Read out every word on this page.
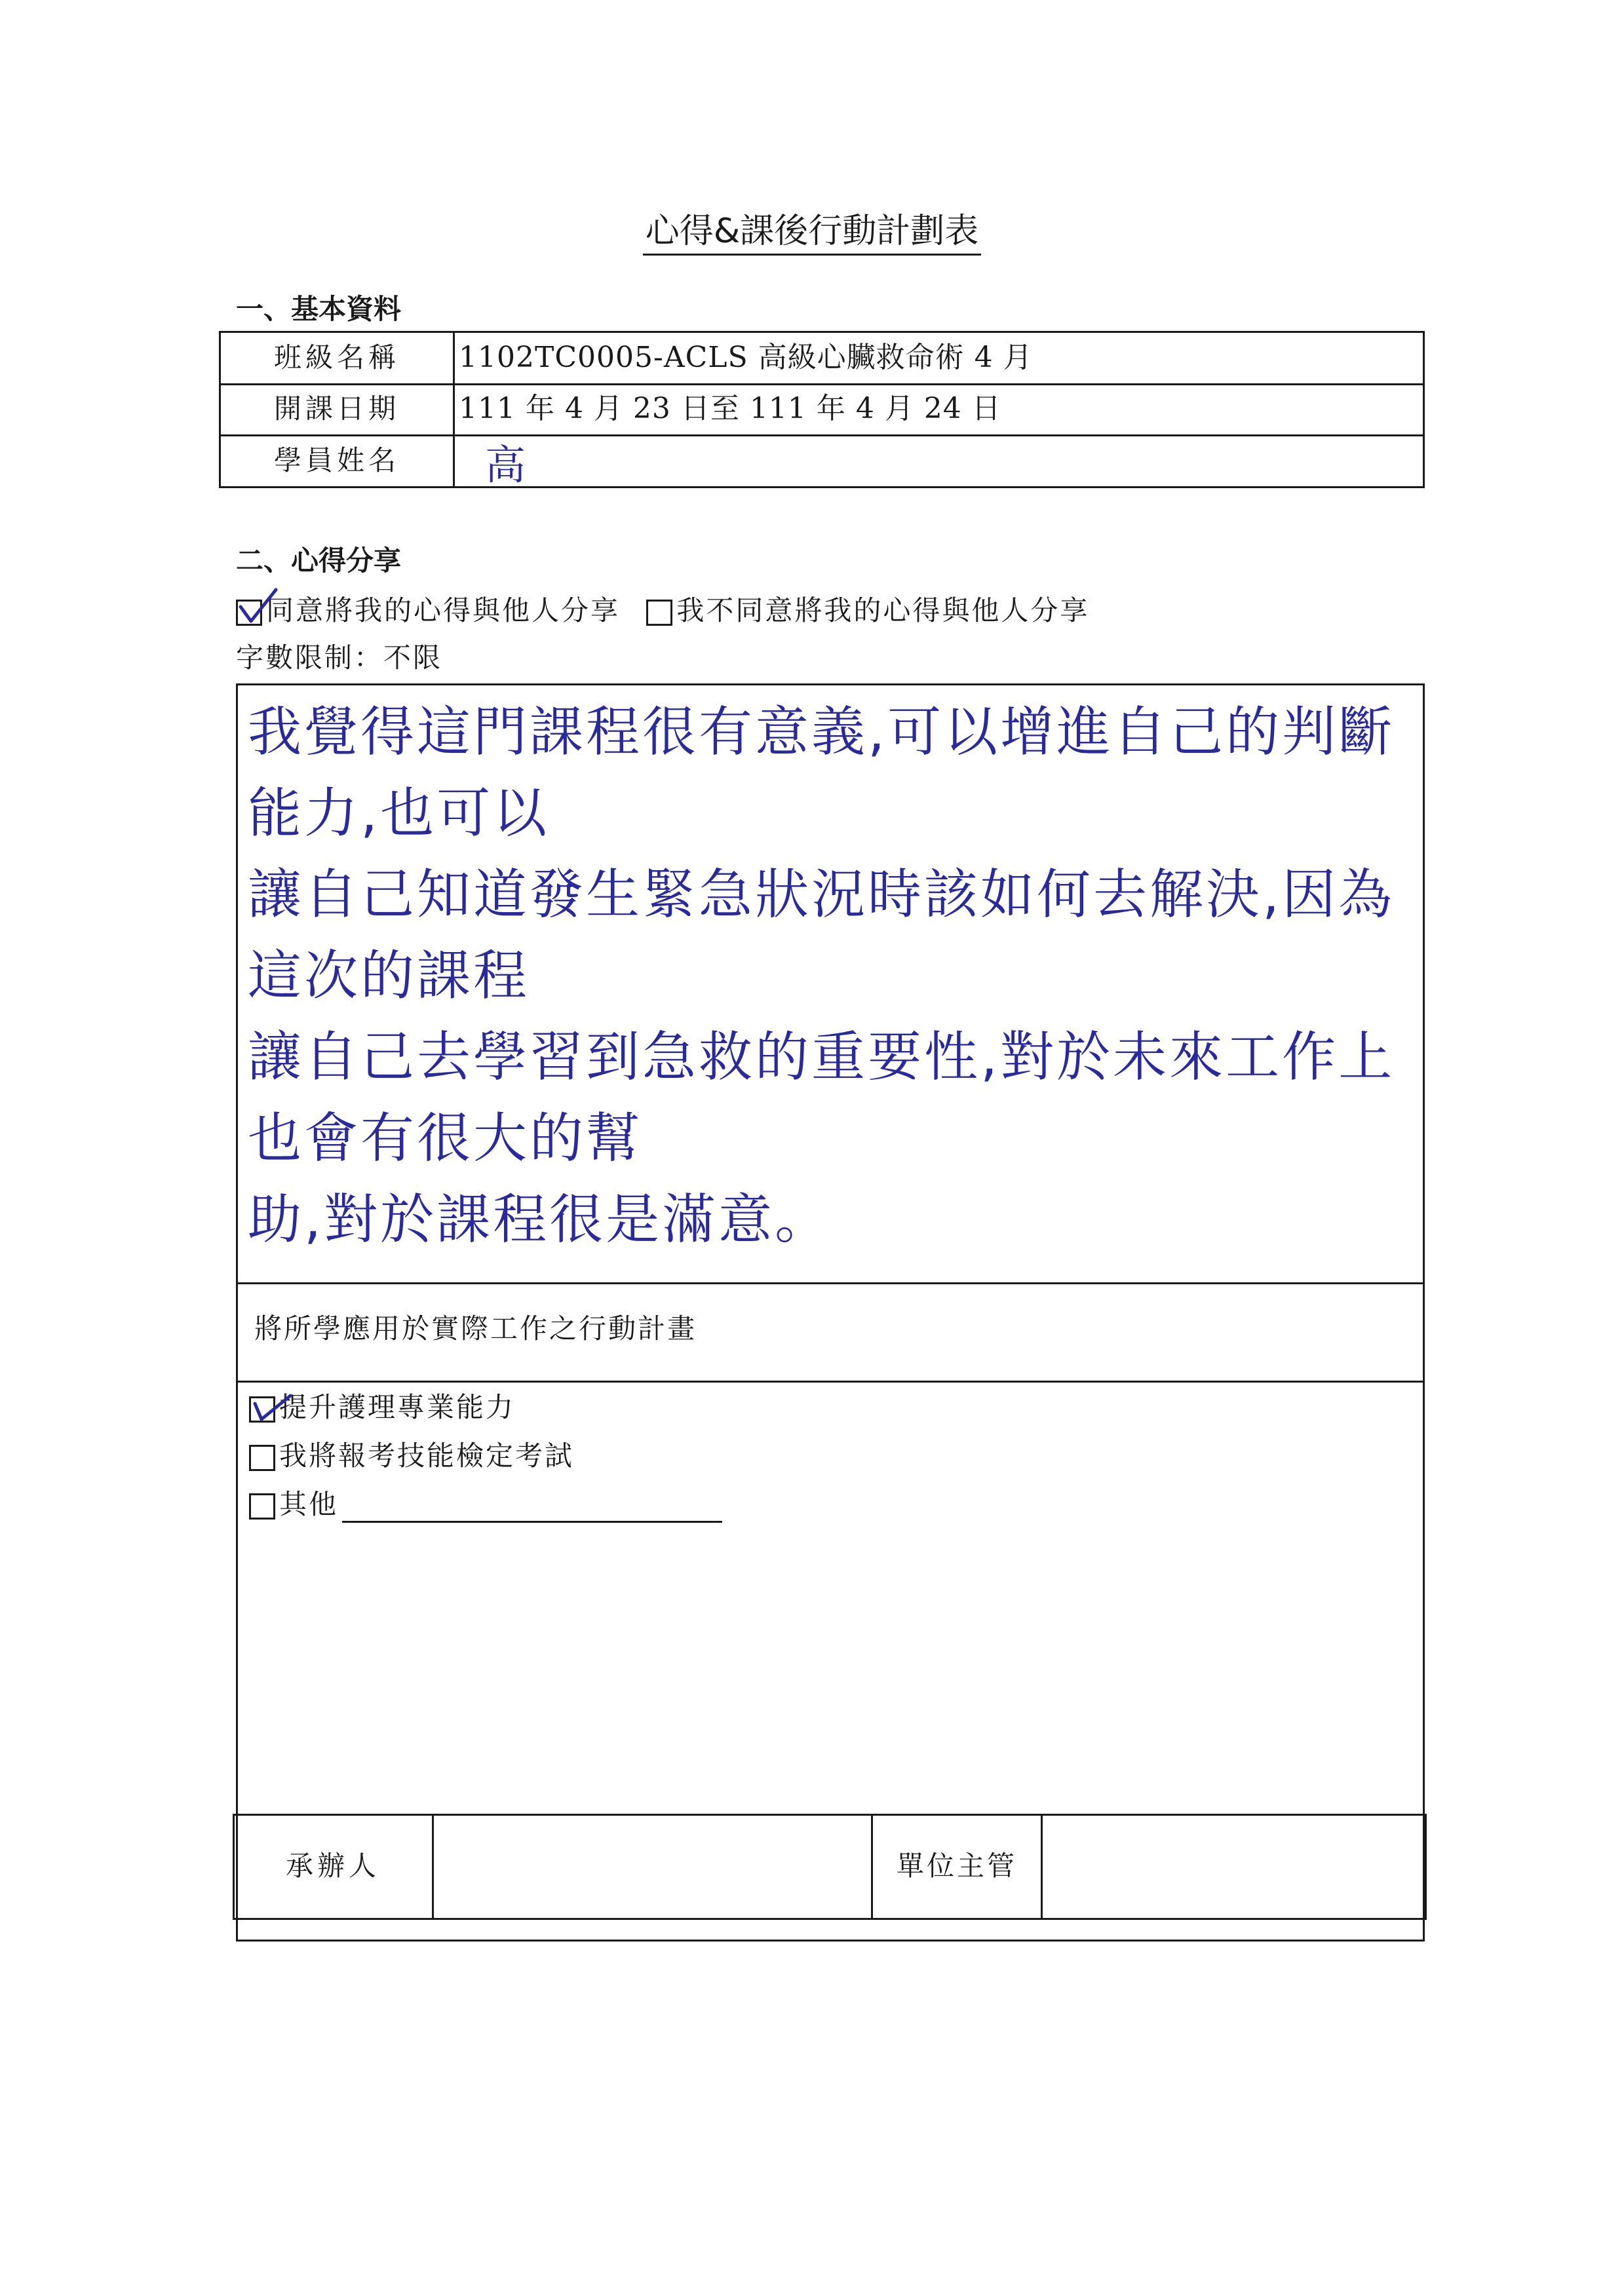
心得&課後行動計劃表
一、基本資料
班級名稱	1102TC0005-ACLS 高級心臟救命術 4 月
開課日期	111 年 4 月 23 日至 111 年 4 月 24 日
學員姓名	高
二、心得分享
同意將我的心得與他人分享 我不同意將我的心得與他人分享
字數限制：不限
我覺得這門課程很有意義,可以增進自己的判斷能力,也可以
讓自己知道發生緊急狀況時該如何去解決,因為這次的課程
讓自己去學習到急救的重要性,對於未來工作上也會有很大的幫
助,對於課程很是滿意。
將所學應用於實際工作之行動計畫
提升護理專業能力
我將報考技能檢定考試
其他
承辦人	單位主管
